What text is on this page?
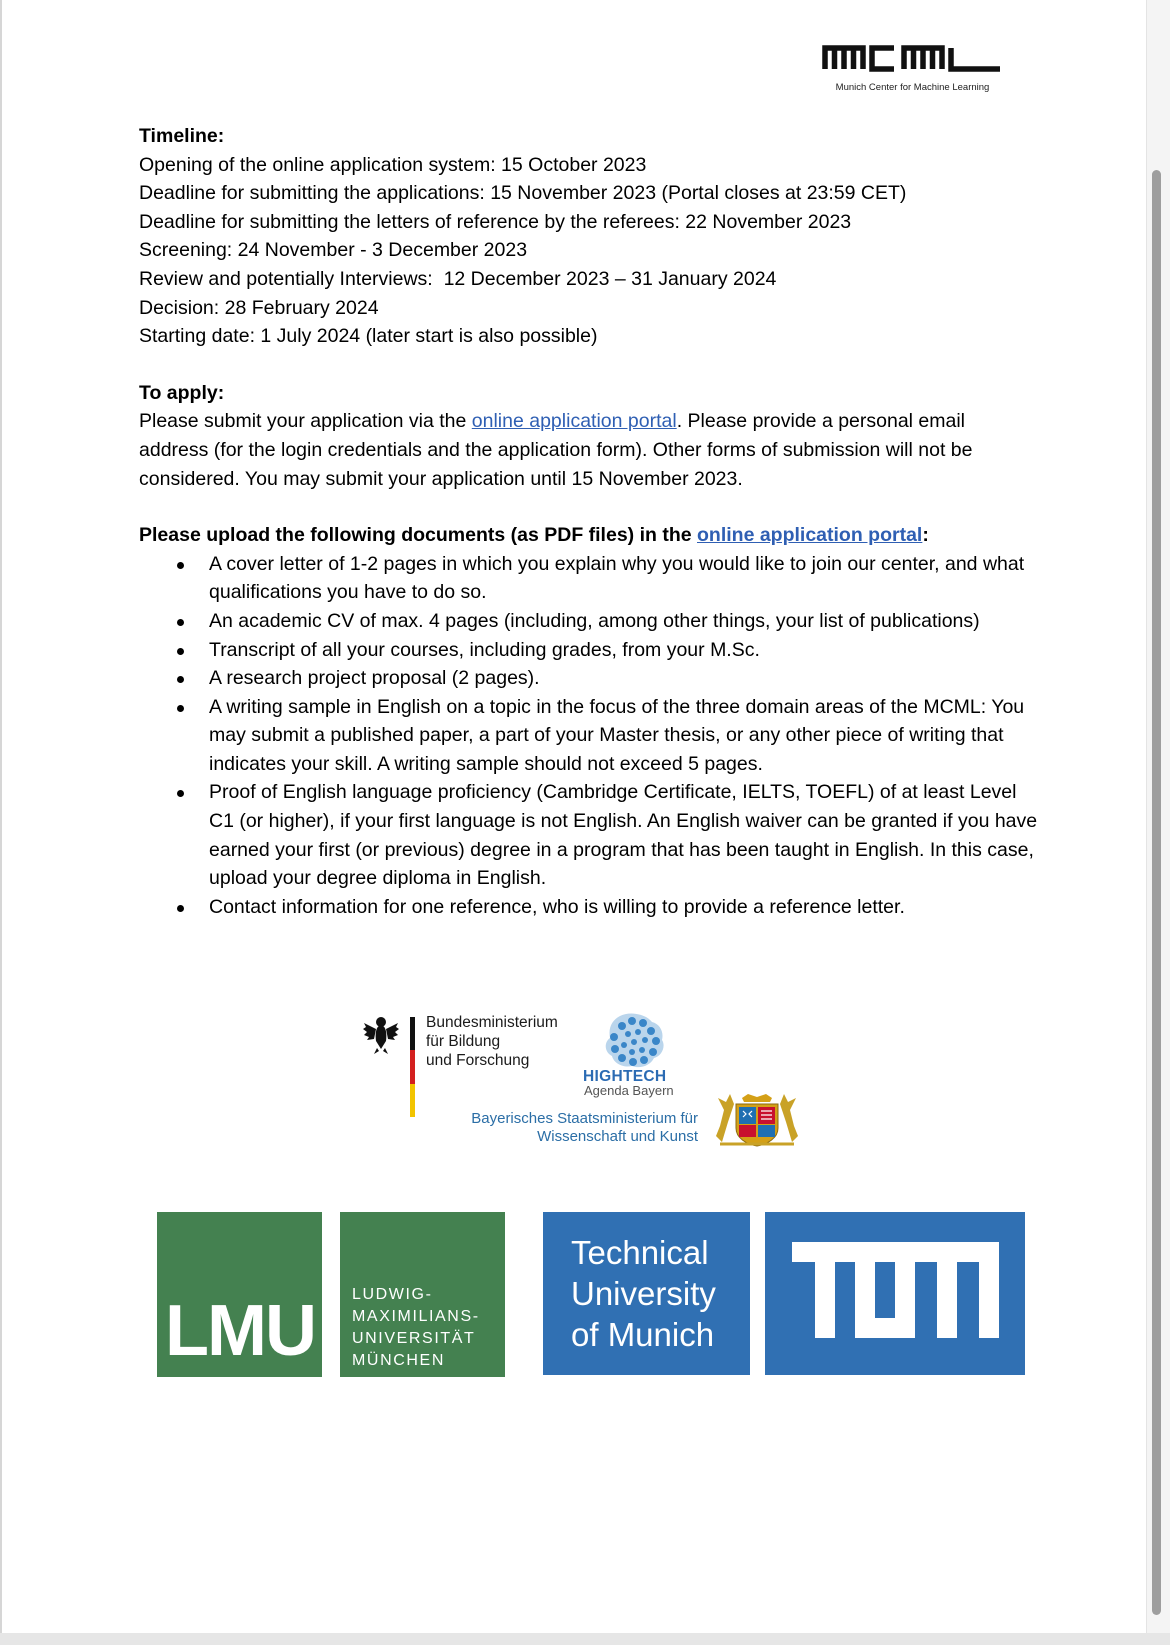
Munich Center for Machine Learning

Timeline:

Opening of the online application system: 15 October 2023

Deadline for submitting the applications: 15 November 2023 (Portal closes at 23:59 CET)

Deadline for submitting the letters of reference by the referees: 22 November 2023

Screening: 24 November - 3 December 2023

Review and potentially Interviews:  12 December 2023 – 31 January 2024

Decision: 28 February 2024

Starting date: 1 July 2024 (later start is also possible)

To apply:

Please submit your application via the online application portal. Please provide a personal email address (for the login credentials and the application form). Other forms of submission will not be considered. You may submit your application until 15 November 2023.

Please upload the following documents (as PDF files) in the online application portal:

A cover letter of 1-2 pages in which you explain why you would like to join our center, and what qualifications you have to do so.
An academic CV of max. 4 pages (including, among other things, your list of publications)
Transcript of all your courses, including grades, from your M.Sc.
A research project proposal (2 pages).
A writing sample in English on a topic in the focus of the three domain areas of the MCML: You may submit a published paper, a part of your Master thesis, or any other piece of writing that indicates your skill. A writing sample should not exceed 5 pages.
Proof of English language proficiency (Cambridge Certificate, IELTS, TOEFL) of at least Level C1 (or higher), if your first language is not English. An English waiver can be granted if you have earned your first (or previous) degree in a program that has been taught in English. In this case, upload your degree diploma in English.
Contact information for one reference, who is willing to provide a reference letter.
Bundesministerium
für Bildung
und Forschung
HIGHTECH
Agenda Bayern
Bayerisches Staatsministerium für
Wissenschaft und Kunst
LMU LUDWIG-
MAXIMILIANS-
UNIVERSITÄT
MÜNCHEN
Technical
University
of Munich
